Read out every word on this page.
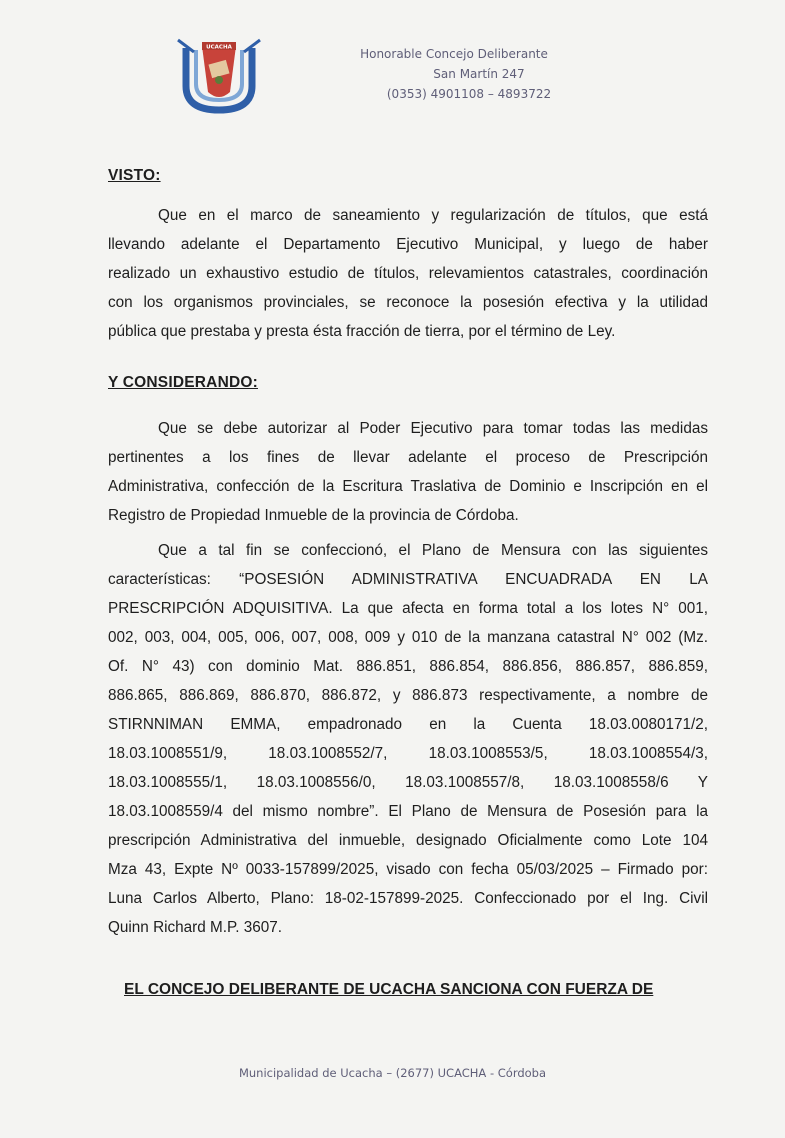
UCACHA	Honorable Concejo Deliberante
San Martín 247
(0353) 4901108 – 4893722
VISTO:
Que en el marco de saneamiento y regularización de títulos, que está
llevando adelante el Departamento Ejecutivo Municipal, y luego de haber
realizado un exhaustivo estudio de títulos, relevamientos catastrales, coordinación
con los organismos provinciales, se reconoce la posesión efectiva y la utilidad
pública que prestaba y presta ésta fracción de tierra, por el término de Ley.
Y CONSIDERANDO:
Que se debe autorizar al Poder Ejecutivo para tomar todas las medidas
pertinentes a los fines de llevar adelante el proceso de Prescripción
Administrativa, confección de la Escritura Traslativa de Dominio e Inscripción en el
Registro de Propiedad Inmueble de la provincia de Córdoba.
Que a tal fin se confeccionó, el Plano de Mensura con las siguientes
características: “POSESIÓN ADMINISTRATIVA ENCUADRADA EN LA
PRESCRIPCIÓN ADQUISITIVA. La que afecta en forma total a los lotes N° 001,
002, 003, 004, 005, 006, 007, 008, 009 y 010 de la manzana catastral N° 002 (Mz.
Of. N° 43) con dominio Mat. 886.851, 886.854, 886.856, 886.857, 886.859,
886.865, 886.869, 886.870, 886.872, y 886.873 respectivamente, a nombre de
STIRNNIMAN EMMA, empadronado en la Cuenta 18.03.0080171/2,
18.03.1008551/9, 18.03.1008552/7, 18.03.1008553/5, 18.03.1008554/3,
18.03.1008555/1, 18.03.1008556/0, 18.03.1008557/8, 18.03.1008558/6 Y
18.03.1008559/4 del mismo nombre”. El Plano de Mensura de Posesión para la
prescripción Administrativa del inmueble, designado Oficialmente como Lote 104
Mza 43, Expte Nº 0033-157899/2025, visado con fecha 05/03/2025 – Firmado por:
Luna Carlos Alberto, Plano: 18-02-157899-2025. Confeccionado por el Ing. Civil
Quinn Richard M.P. 3607.
EL CONCEJO DELIBERANTE DE UCACHA SANCIONA CON FUERZA DE
Municipalidad de Ucacha – (2677) UCACHA - Córdoba
